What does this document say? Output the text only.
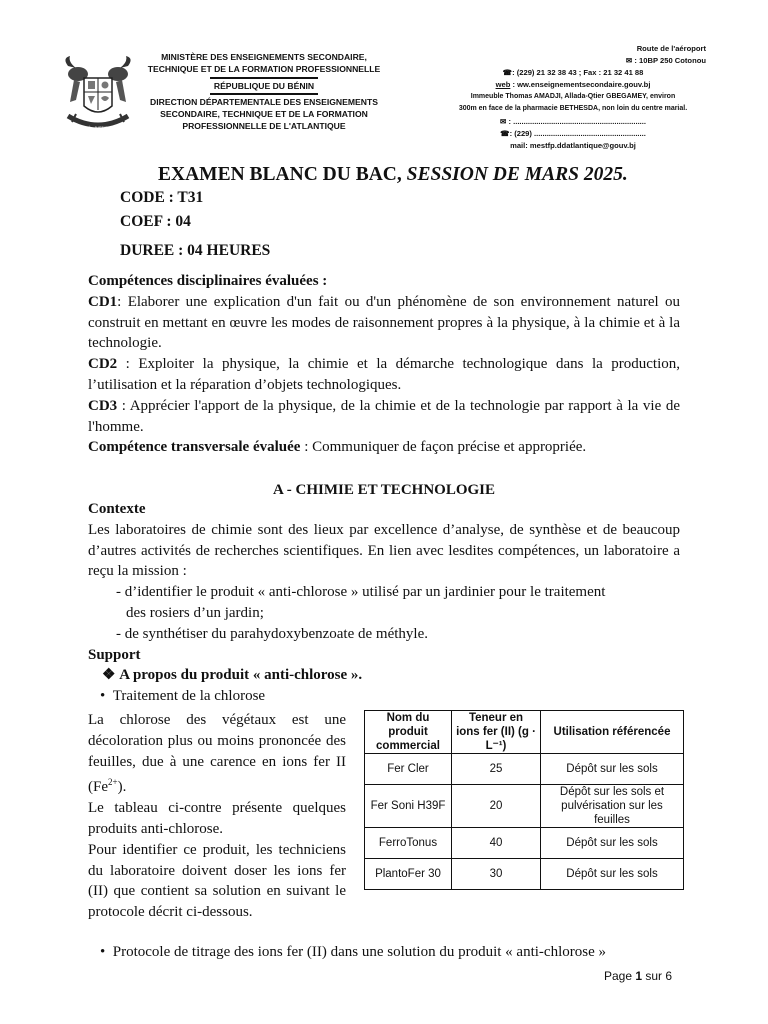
FRATERNITÉ · JUSTICE · TRAVAIL
MINISTÈRE DES ENSEIGNEMENTS SECONDAIRE,
TECHNIQUE ET DE LA FORMATION PROFESSIONNELLE
RÉPUBLIQUE DU BÉNIN
DIRECTION DÉPARTEMENTALE DES ENSEIGNEMENTS
SECONDAIRE, TECHNIQUE ET DE LA FORMATION
PROFESSIONNELLE DE L'ATLANTIQUE
Route de l'aéroport
✉ : 10BP 250 Cotonou
☎: (229) 21 32 38 43 ; Fax : 21 32 41 88
web : ww.enseignementsecondaire.gouv.bj
Immeuble Thomas AMADJI, Allada-Qtier GBEGAMEY, environ
300m en face de la pharmacie BETHESDA, non loin du centre marial.
✉ : ...............................................................
☎: (229) .....................................................
mail: mestfp.ddatlantique@gouv.bj
EXAMEN BLANC DU BAC, SESSION DE MARS 2025.
CODE : T31
COEF : 04
DUREE : 04 HEURES
Compétences disciplinaires évaluées :
CD1: Elaborer une explication d'un fait ou d'un phénomène de son environnement naturel ou construit en mettant en œuvre les modes de raisonnement propres à la physique, à la chimie et à la technologie.
CD2 : Exploiter la physique, la chimie et la démarche technologique dans la production, l’utilisation et la réparation d’objets technologiques.
CD3 : Apprécier l'apport de la physique, de la chimie et de la technologie par rapport à la vie de l'homme.
Compétence transversale évaluée : Communiquer de façon précise et appropriée.
A - CHIMIE ET TECHNOLOGIE
Contexte
Les laboratoires de chimie sont des lieux par excellence d’analyse, de synthèse et de beaucoup d’autres activités de recherches scientifiques. En lien avec lesdites compétences, un laboratoire a reçu la mission :
- d’identifier le produit « anti-chlorose » utilisé par un jardinier pour le traitement
des rosiers d’un jardin;
- de synthétiser du parahydoxybenzoate de méthyle.
Support
❖ A propos du produit « anti-chlorose ».
•  Traitement de la chlorose
La chlorose des végétaux est une décoloration plus ou moins prononcée des feuilles, due à une carence en ions fer II $(Fe^{2+})$.
Le tableau ci-contre présente quelques produits anti-chlorose.
Pour identifier ce produit, les techniciens du laboratoire doivent doser les ions fer (II) que contient sa solution en suivant le protocole décrit ci-dessous.
Nom du produit commercial	Teneur en ions fer (II) (g · L⁻¹)	Utilisation référencée
Fer Cler	25	Dépôt sur les sols
Fer Soni H39F	20	Dépôt sur les sols et pulvérisation sur les feuilles
FerroTonus	40	Dépôt sur les sols
PlantoFer 30	30	Dépôt sur les sols
•  Protocole de titrage des ions fer (II) dans une solution du produit « anti-chlorose »
Page 1 sur 6
